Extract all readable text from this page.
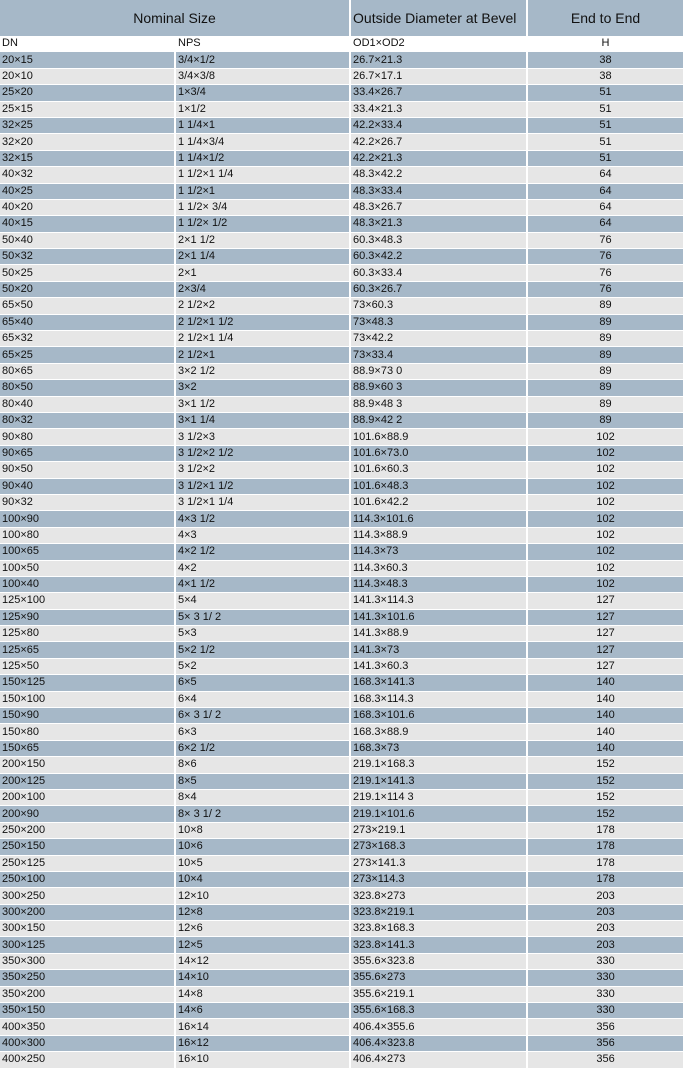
Nominal Size		Outside Diameter at Bevel	End to End
DN	NPS	OD1×OD2	H
20×15	3/4×1/2	26.7×21.3	38
20×10	3/4×3/8	26.7×17.1	38
25×20	1×3/4	33.4×26.7	51
25×15	1×1/2	33.4×21.3	51
32×25	1 1/4×1	42.2×33.4	51
32×20	1 1/4×3/4	42.2×26.7	51
32×15	1 1/4×1/2	42.2×21.3	51
40×32	1 1/2×1 1/4	48.3×42.2	64
40×25	1 1/2×1	48.3×33.4	64
40×20	1 1/2× 3/4	48.3×26.7	64
40×15	1 1/2× 1/2	48.3×21.3	64
50×40	2×1 1/2	60.3×48.3	76
50×32	2×1 1/4	60.3×42.2	76
50×25	2×1	60.3×33.4	76
50×20	2×3/4	60.3×26.7	76
65×50	2 1/2×2	73×60.3	89
65×40	2 1/2×1 1/2	73×48.3	89
65×32	2 1/2×1 1/4	73×42.2	89
65×25	2 1/2×1	73×33.4	89
80×65	3×2 1/2	88.9×73 0	89
80×50	3×2	88.9×60 3	89
80×40	3×1 1/2	88.9×48 3	89
80×32	3×1 1/4	88.9×42 2	89
90×80	3 1/2×3	101.6×88.9	102
90×65	3 1/2×2 1/2	101.6×73.0	102
90×50	3 1/2×2	101.6×60.3	102
90×40	3 1/2×1 1/2	101.6×48.3	102
90×32	3 1/2×1 1/4	101.6×42.2	102
100×90	4×3 1/2	114.3×101.6	102
100×80	4×3	114.3×88.9	102
100×65	4×2 1/2	114.3×73	102
100×50	4×2	114.3×60.3	102
100×40	4×1 1/2	114.3×48.3	102
125×100	5×4	141.3×114.3	127
125×90	5× 3 1/ 2	141.3×101.6	127
125×80	5×3	141.3×88.9	127
125×65	5×2 1/2	141.3×73	127
125×50	5×2	141.3×60.3	127
150×125	6×5	168.3×141.3	140
150×100	6×4	168.3×114.3	140
150×90	6× 3 1/ 2	168.3×101.6	140
150×80	6×3	168.3×88.9	140
150×65	6×2 1/2	168.3×73	140
200×150	8×6	219.1×168.3	152
200×125	8×5	219.1×141.3	152
200×100	8×4	219.1×114 3	152
200×90	8× 3 1/ 2	219.1×101.6	152
250×200	10×8	273×219.1	178
250×150	10×6	273×168.3	178
250×125	10×5	273×141.3	178
250×100	10×4	273×114.3	178
300×250	12×10	323.8×273	203
300×200	12×8	323.8×219.1	203
300×150	12×6	323.8×168.3	203
300×125	12×5	323.8×141.3	203
350×300	14×12	355.6×323.8	330
350×250	14×10	355.6×273	330
350×200	14×8	355.6×219.1	330
350×150	14×6	355.6×168.3	330
400×350	16×14	406.4×355.6	356
400×300	16×12	406.4×323.8	356
400×250	16×10	406.4×273	356
